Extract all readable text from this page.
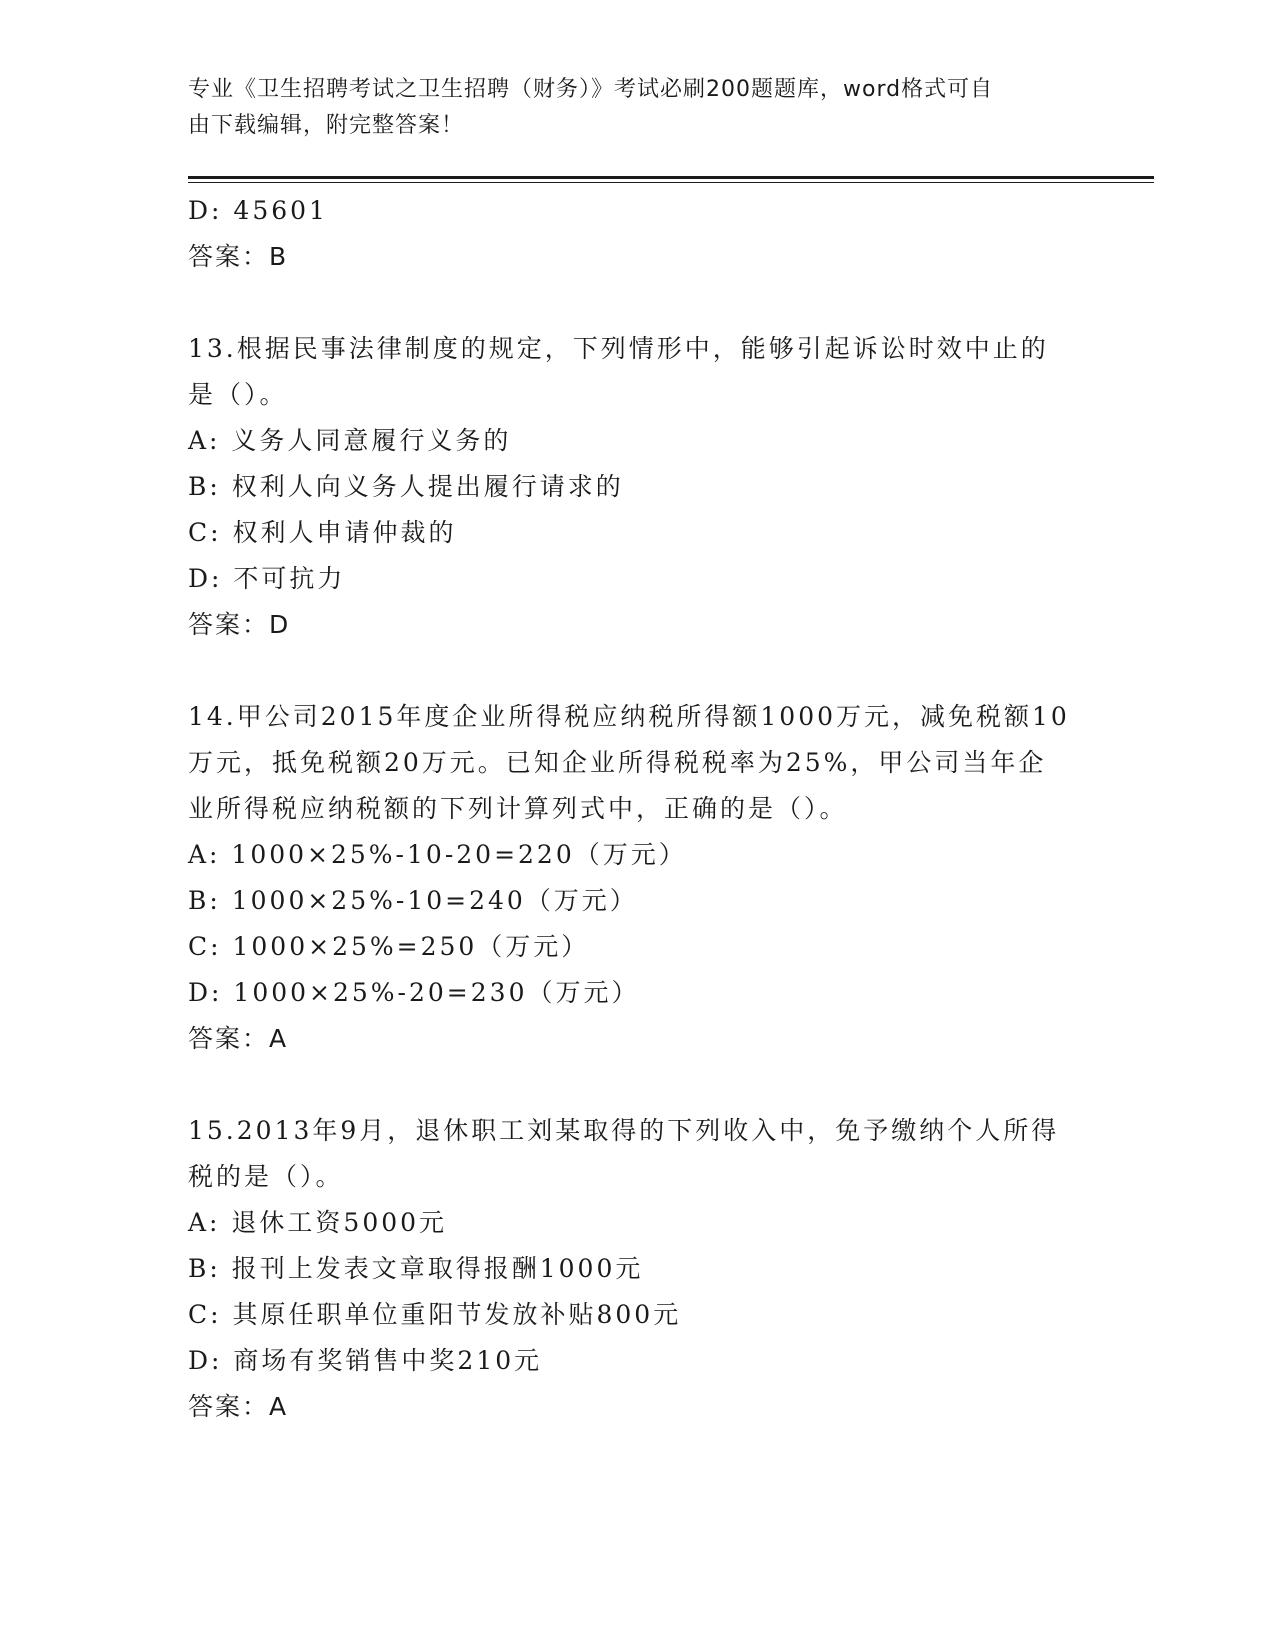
专业《卫生招聘考试之卫生招聘（财务）》考试必刷200题题库，word格式可自
由下载编辑，附完整答案！
D: 45601
答案：B
13.根据民事法律制度的规定，下列情形中，能够引起诉讼时效中止的
是（）。
A: 义务人同意履行义务的
B: 权利人向义务人提出履行请求的
C: 权利人申请仲裁的
D: 不可抗力
答案：D
14.甲公司2015年度企业所得税应纳税所得额1000万元，减免税额10
万元，抵免税额20万元。已知企业所得税税率为25%，甲公司当年企
业所得税应纳税额的下列计算列式中，正确的是（）。
A: 1000×25%-10-20=220（万元）
B: 1000×25%-10=240（万元）
C: 1000×25%=250（万元）
D: 1000×25%-20=230（万元）
答案：A
15.2013年9月，退休职工刘某取得的下列收入中，免予缴纳个人所得
税的是（）。
A: 退休工资5000元
B: 报刊上发表文章取得报酬1000元
C: 其原任职单位重阳节发放补贴800元
D: 商场有奖销售中奖210元
答案：A
